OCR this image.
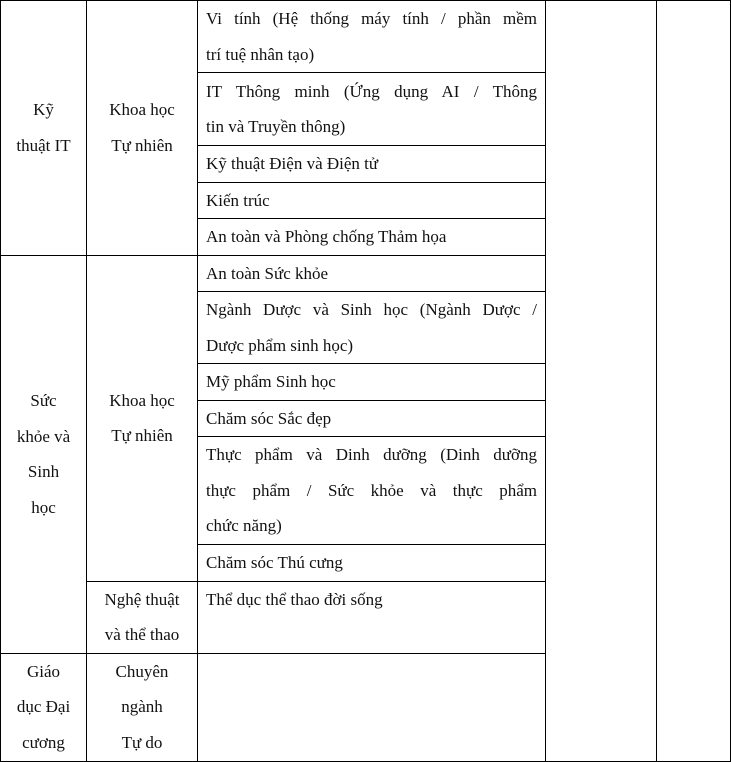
Kỹ
thuật IT	Khoa học
Tự nhiên	Vi tính (Hệ thống máy tính / phần mềm
trí tuệ nhân tạo)		

		IT Thông minh (Ứng dụng AI / Thông
tin và Truyền thông)		

		Kỹ thuật Điện và Điện tử		

		Kiến trúc		

		An toàn và Phòng chống Thảm họa		

Sức
khỏe và
Sinh
học	Khoa học
Tự nhiên	An toàn Sức khỏe		

		Ngành Dược và Sinh học (Ngành Dược /
Dược phẩm sinh học)		

		Mỹ phẩm Sinh học		

		Chăm sóc Sắc đẹp		

		Thực phẩm và Dinh dưỡng (Dinh dưỡng
thực phẩm / Sức khỏe và thực phẩm
chức năng)		

		Chăm sóc Thú cưng		

	Nghệ thuật
và thể thao	Thể dục thể thao đời sống		

Giáo
dục Đại
cương	Chuyên
ngành
Tự do			
